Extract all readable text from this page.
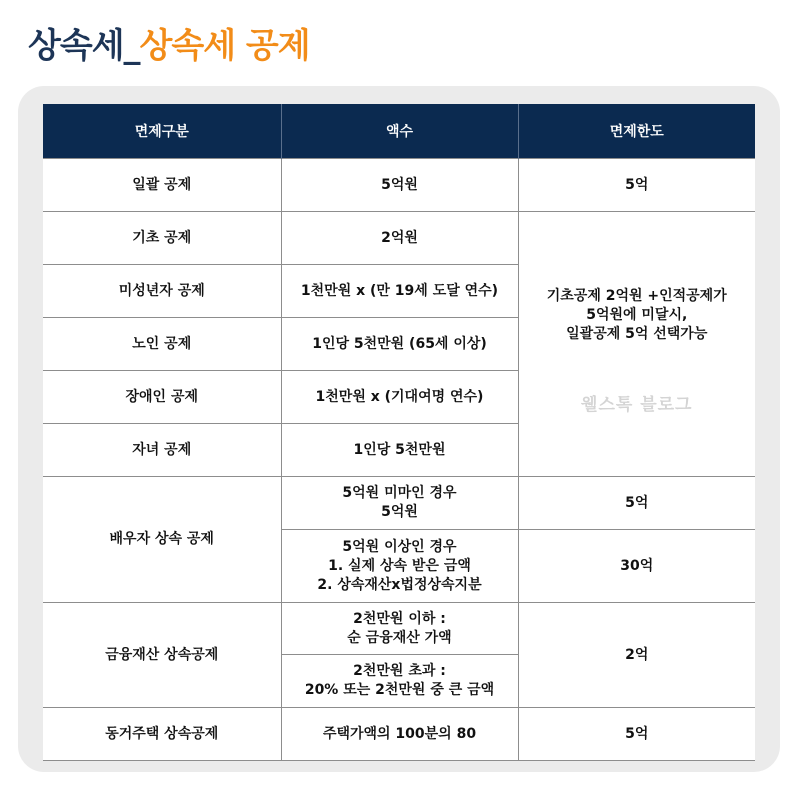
상속세_상속세 공제
면제구분	액수	면제한도
일괄 공제	5억원	5억
기초 공제	2억원	기초공제 2억원 +인적공제가
5억원에 미달시,
일괄공제 5억 선택가능
웰스톡 블로그

미성년자 공제	1천만원 x (만 19세 도달 연수)	
노인 공제	1인당 5천만원 (65세 이상)	
장애인 공제	1천만원 x (기대여명 연수)	
자녀 공제	1인당 5천만원	
배우자 상속 공제	5억원 미마인 경우
5억원	5억
	5억원 이상인 경우
1. 실제 상속 받은 금액
2. 상속재산x법정상속지분	30억
금융재산 상속공제	2천만원 이하 :
순 금융재산 가액	2억
	2천만원 초과 :
20% 또는 2천만원 중 큰 금액	
동거주택 상속공제	주택가액의 100분의 80	5억
